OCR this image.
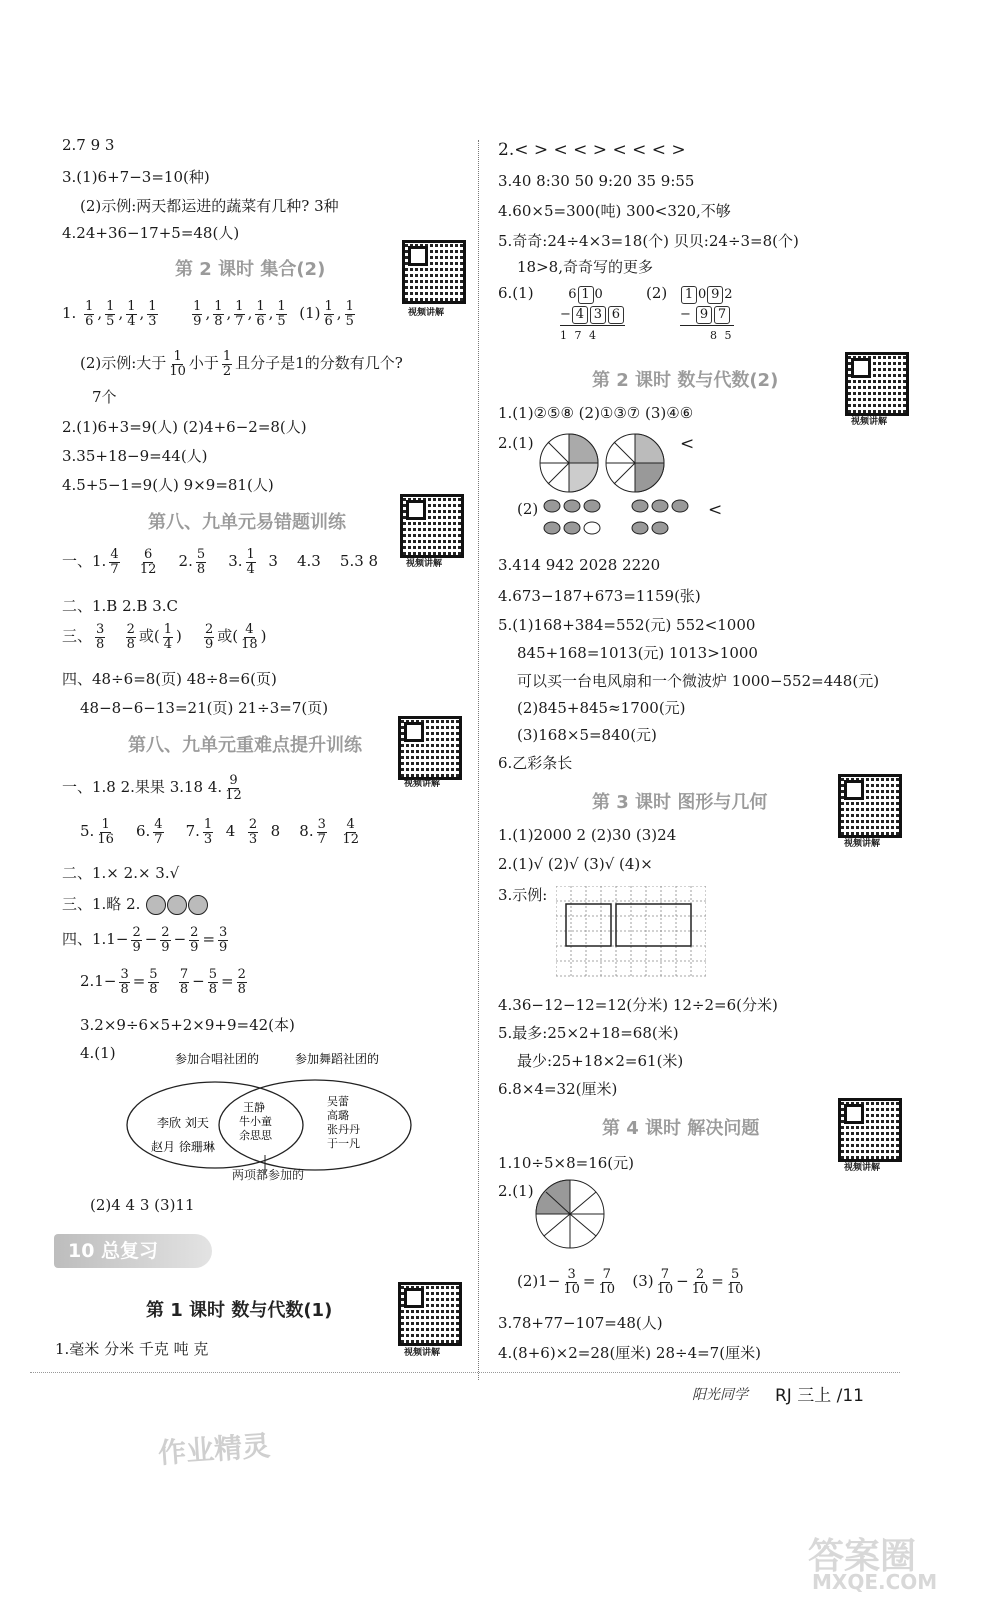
2.7 9 3
3.(1)6+7−3=10(种)
(2)示例:两天都运进的蔬菜有几种? 3种
4.24+36−17+5=48(人)
第 2 课时 集合(2)
视频讲解
1. $\frac{1}{6}$ , $\frac{1}{5}$ , $\frac{1}{4}$ , $\frac{1}{3}$
	$\frac{1}{9}$ , $\frac{1}{8}$ , $\frac{1}{7}$ , $\frac{1}{6}$ , $\frac{1}{5} (1) \frac{1}{6}$ , $\frac{1}{5}$
(2)示例:大于 $\frac{1}{10}$ 小于 $\frac{1}{2}$ 且分子是1的分数有几个?
7个
2.(1)6+3=9(人) (2)4+6−2=8(人)
3.35+18−9=44(人)
4.5+5−1=9(人) 9×9=81(人)
第八、九单元易错题训练
视频讲解
一、1. $\frac{4}{7}$
$\frac{6}{12} 2$. $\frac{5}{8} 3$. $\frac{1}{4} 3$ 4.3 5.3 8
二、1.B 2.B 3.C
三、 $\frac{3}{8}$
$\frac{2}{8}$ 或( $\frac{1}{4}$ ) $\frac{2}{9}$ 或( $\frac{4}{18}$ )
四、48÷6=8(页) 48÷8=6(页)
48−8−6−13=21(页) 21÷3=7(页)
第八、九单元重难点提升训练
视频讲解
一、1.8 2.果果 3.18 4. $\frac{9}{12}$
5. $\frac{1}{16} 6$. $\frac{4}{7} 7$. $\frac{1}{3} 4 \frac{2}{3} 8$    8. $\frac{3}{7}$
$\frac{4}{12}$
二、1.× 2.× 3.√
三、1.略 2.
四、$1.1- \frac{2}{9} - \frac{2}{9} - \frac{2}{9} = \frac{3}{9}$
$2.1- \frac{3}{8} = \frac{5}{8}$
$\frac{7}{8} - \frac{5}{8} = \frac{2}{8}$
3.2×9÷6×5+2×9+9=42(本)
4.(1)	参加合唱社团的	参加舞蹈社团的
李欣 刘天
赵月 徐珊琳
王静
牛小童
余思思
吴蕾
高璐
张丹丹
于一凡
两项都参加的
(2)4 4 3 (3)11
10 总复习
第 1 课时 数与代数(1)
视频讲解
1.毫米 分米 千克 吨 克
2.< > < < > < < < >
3.40 8:30 50 9:20 35 9:55
4.60×5=300(吨) 300<320,不够
5.奇奇:24÷4×3=18(个) 贝贝:24÷3=8(个)
18>8,奇奇写的更多
6.(1) 6 1 0
− 4 3 6
1 7 4
(2)	1 0 9 2
− 9 7
8 5
第 2 课时 数与代数(2)
视频讲解
1.(1)②⑤⑧ (2)①③⑦ (3)④⑥
2.(1)	<
(2)	<
3.414 942 2028 2220
4.673−187+673=1159(张)
5.(1)168+384=552(元) 552<1000
845+168=1013(元) 1013>1000
可以买一台电风扇和一个微波炉 1000−552=448(元)
(2)845+845≈1700(元)
(3)168×5=840(元)
6.乙彩条长
第 3 课时 图形与几何
视频讲解
1.(1)2000 2 (2)30 (3)24
2.(1)√ (2)√ (3)√ (4)×
3.示例:
4.36−12−12=12(分米) 12÷2=6(分米)
5.最多:25×2+18=68(米)
最少:25+18×2=61(米)
6.8×4=32(厘米)
第 4 课时 解决问题
视频讲解
1.10÷5×8=16(元)
2.(1)
$(2)1- \frac{3}{10} = \frac{7}{10} (3) \frac{7}{10} - \frac{2}{10} = \frac{5}{10}$
3.78+77−107=48(人)
4.(8+6)×2=28(厘米) 28÷4=7(厘米)
阳光同学 RJ 三上 /11
作业精灵
答案圈
MXQE.COM
